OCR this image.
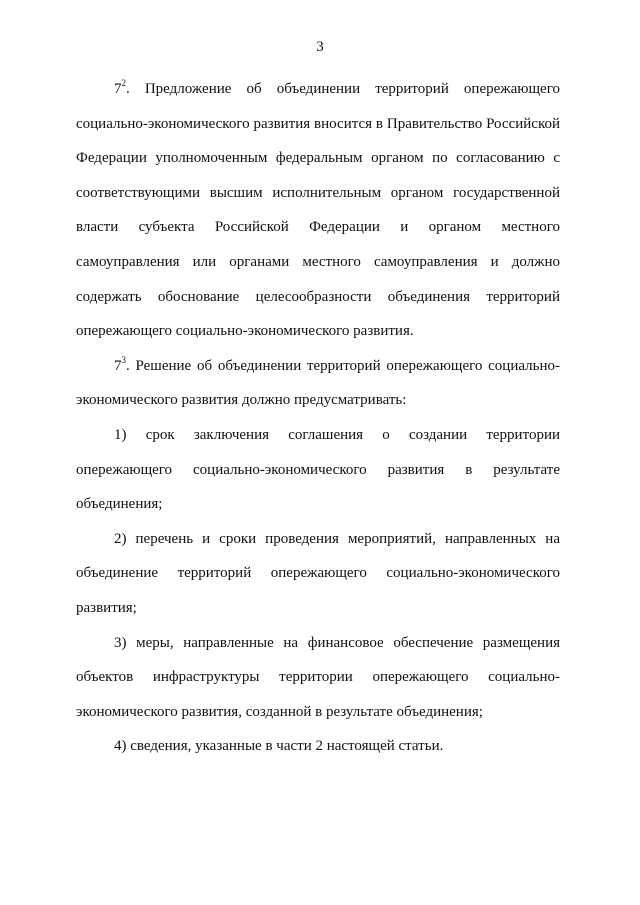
3

$7^2$. Предложение об объединении территорий опережающего социально-экономического развития вносится в Правительство Российской Федерации уполномоченным федеральным органом по согласованию с соответствующими высшим исполнительным органом государственной власти субъекта Российской Федерации и органом местного самоуправления или органами местного самоуправления и должно содержать обоснование целесообразности объединения территорий опережающего социально-экономического развития.

$7^3$. Решение об объединении территорий опережающего социально-экономического развития должно предусматривать:

1) срок заключения соглашения о создании территории опережающего социально-экономического развития в результате объединения;

2) перечень и сроки проведения мероприятий, направленных на объединение территорий опережающего социально-экономического развития;

3) меры, направленные на финансовое обеспечение размещения объектов инфраструктуры территории опережающего социально-экономического развития, созданной в результате объединения;

4) сведения, указанные в части 2 настоящей статьи.
